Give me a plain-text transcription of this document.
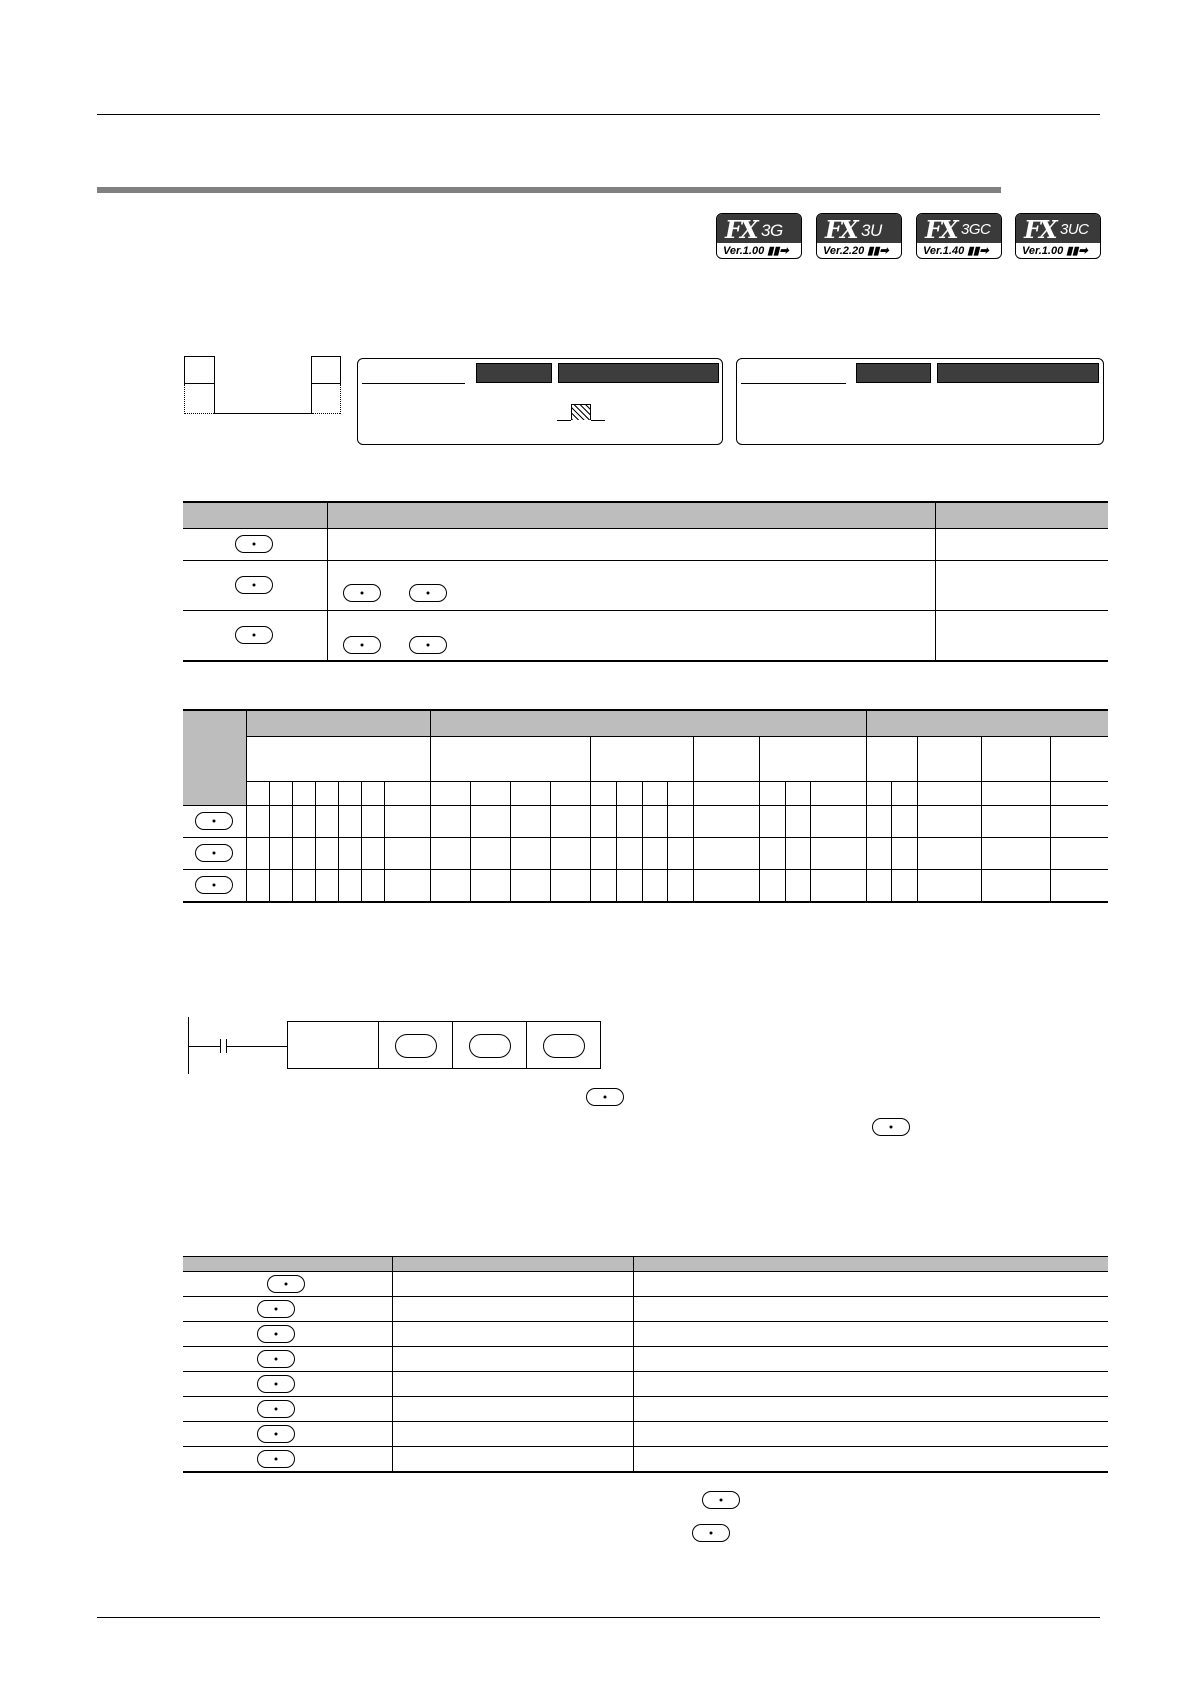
FX 3G
Ver.1.00 ▮▮➡
FX 3U
Ver.2.20 ▮▮➡
FX 3GC
Ver.1.40 ▮▮➡
FX 3UC
Ver.1.00 ▮▮➡
